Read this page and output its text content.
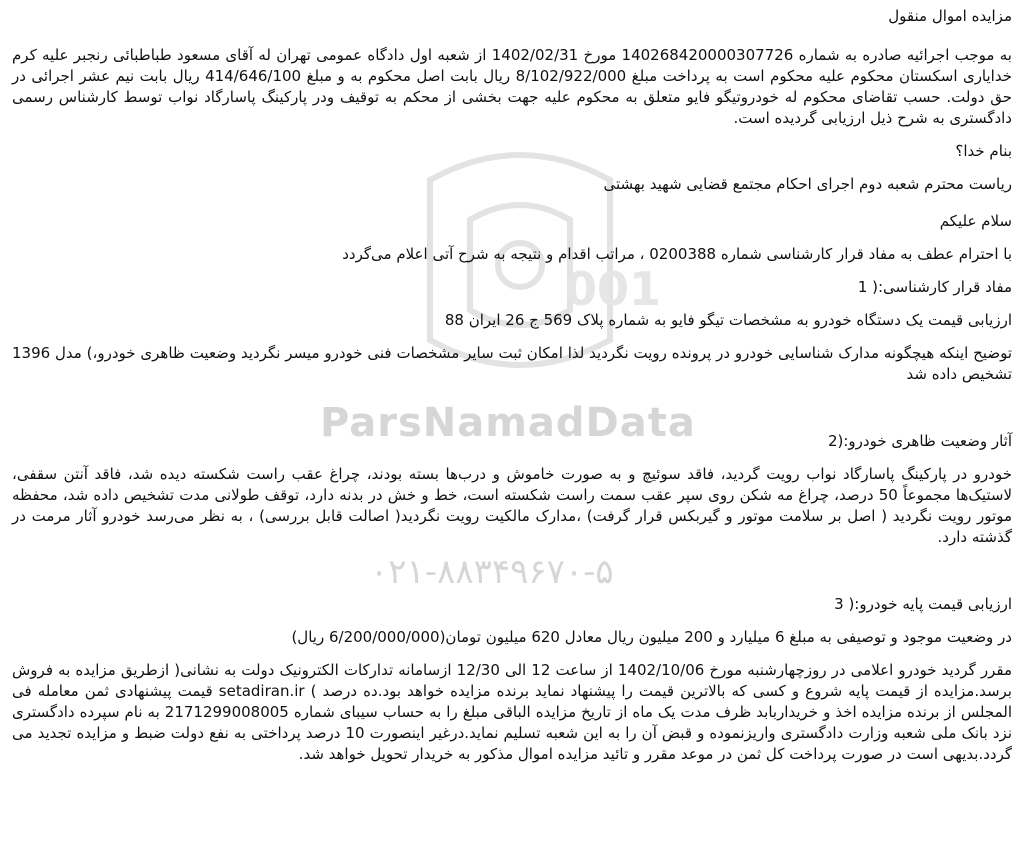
001
ParsNamadData
۰۲۱-۸۸۳۴۹۶۷۰-۵

مزایده اموال منقول

به موجب اجرائیه صادره به شماره 140268420000307726 مورخ 1402/02/31 از شعبه اول دادگاه عمومی تهران له آقای مسعود طباطبائی رنجبر علیه کرم خدایاری اسکستان محکوم علیه محکوم است به پرداخت مبلغ 8/102/922/000 ریال بابت اصل محکوم به و مبلغ 414/646/100 ریال بابت نیم عشر اجرائی در حق دولت. حسب تقاضای محکوم له خودروتیگو فایو متعلق به محکوم علیه جهت بخشی از محکم به توقیف ودر پارکینگ پاسارگاد نواب توسط کارشناس رسمی دادگستری به شرح ذیل ارزیابی گردیده است.

بنام خدا؟

ریاست محترم شعبه دوم اجرای احکام مجتمع قضایی شهید بهشتی

سلام علیکم

با احترام عطف به مفاد قرار کارشناسی شماره 0200388 ، مراتب اقدام و نتیجه به شرح آتی اعلام می‌گردد

مفاد قرار کارشناسی:( 1

ارزیابی قیمت یک دستگاه خودرو به مشخصات تیگو فایو به شماره پلاک 569 ج 26 ایران 88

توضیح اینکه هیچگونه مدارک شناسایی خودرو در پرونده رویت نگردید لذا امکان ثبت سایر مشخصات فنی خودرو میسر نگردید وضعیت ظاهری خودرو،) مدل 1396 تشخیص داده شد

آثار وضعیت ظاهری خودرو:(2

خودرو در پارکینگ پاسارگاد نواب رویت گردید، فاقد سوئیچ و به صورت خاموش و درب‌ها بسته بودند، چراغ عقب راست شکسته دیده شد، فاقد آنتن سقفی، لاستیک‌ها مجموعاً 50 درصد، چراغ مه شکن روی سپر عقب سمت راست شکسته است، خط و خش در بدنه دارد، توقف طولانی مدت تشخیص داده شد، محفظه موتور رویت نگردید ( اصل بر سلامت موتور و گیربکس قرار گرفت) ،مدارک مالکیت رویت نگردید( اصالت قابل بررسی) ، به نظر می‌رسد خودرو آثار مرمت در گذشته دارد.

ارزیابی قیمت پایه خودرو:( 3

در وضعیت موجود و توصیفی به مبلغ 6 میلیارد و 200 میلیون ریال معادل 620 میلیون تومان(6/200/000/000 ریال)

مقرر گردید خودرو اعلامی در روزچهارشنبه مورخ 1402/10/06 از ساعت 12 الی 12/30 ازسامانه تدارکات الکترونیک دولت به نشانی( ازطریق مزایده به فروش برسد.مزایده از قیمت پایه شروع و کسی که بالاترین قیمت را پیشنهاد نماید برنده مزایده خواهد بود.ده درصد ) setadiran.ir قیمت پیشنهادی ثمن معامله فی المجلس از برنده مزایده اخذ و خریداربابد ظرف مدت یک ماه از تاریخ مزایده الباقی مبلغ را به حساب سیبای شماره 2171299008005 به نام سپرده دادگستری نزد بانک ملی شعبه وزارت دادگستری واریزنموده و قبض آن را به این شعبه تسلیم نماید.درغیر اینصورت 10 درصد پرداختی به نفع دولت ضبط و مزایده تجدید می گردد.بدیهی است در صورت پرداخت کل ثمن در موعد مقرر و تائید مزایده اموال مذکور به خریدار تحویل خواهد شد.
